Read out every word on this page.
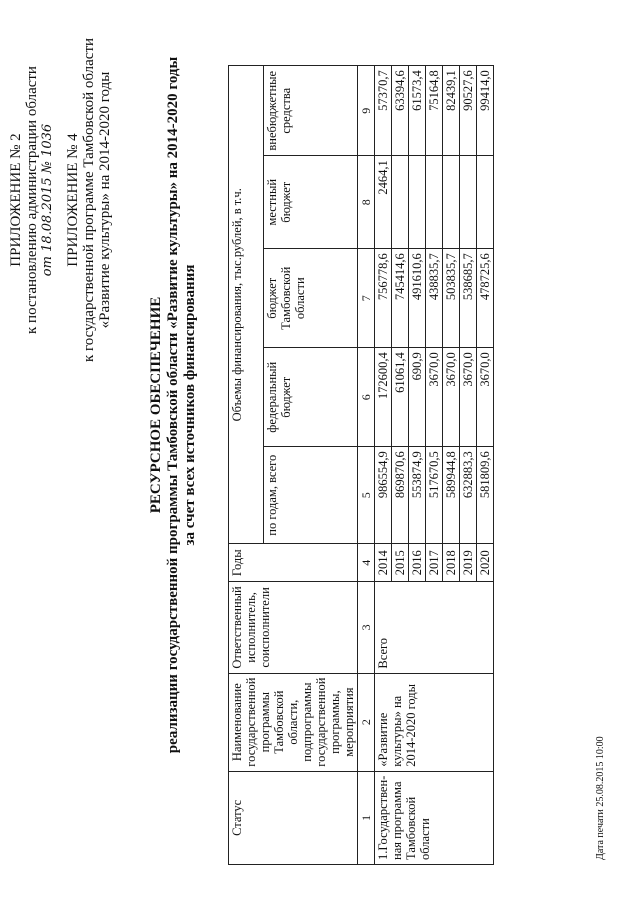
ПРИЛОЖЕНИЕ № 2 к постановлению администрации области от 18.08.2015 № 1036 ПРИЛОЖЕНИЕ № 4 к государственной программе Тамбовской области «Развитие культуры» на 2014-2020 годы
РЕСУРСНОЕ ОБЕСПЕЧЕНИЕ реализации государственной программы Тамбовской области «Развитие культуры» на 2014-2020 годы за счет всех источников финансирования
Статус	Наименование государственной программы Тамбовской области, подпрограммы государственной программы, мероприятия	Ответственный исполнитель, соисполнители	Годы	Объемы финансирования, тыс.рублей, в т.ч.				
				по годам, всего	федеральный бюджет	бюджет Тамбовской области	местный бюджет	внебюджетные средства
1	2	3	4	5	6	7	8	9
1.Государствен-ная программа Тамбовской области	«Развитие культуры» на 2014-2020 годы	Всего	2014	986554,9	172600,4	756778,6	2464,1	57370,7
			2015	869870,6	61061,4	745414,6		63394,6
			2016	553874,9	690,9	491610,6		61573,4
			2017	517670,5	3670,0	438835,7		75164,8
			2018	589944,8	3670,0	503835,7		82439,1
			2019	632883,3	3670,0	538685,7		90527,6
			2020	581809,6	3670,0	478725,6		99414,0
Дата печати 25.08.2015 10:00
